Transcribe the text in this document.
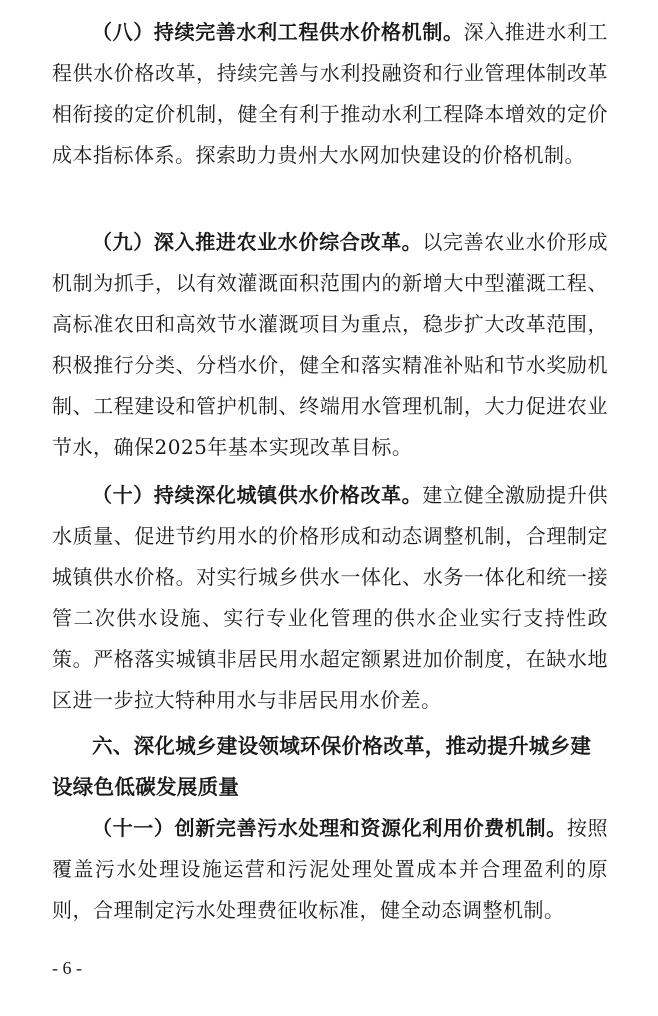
（八）持续完善水利工程供水价格机制。深入推进水利工程供水价格改革，持续完善与水利投融资和行业管理体制改革相衔接的定价机制，健全有利于推动水利工程降本增效的定价成本指标体系。探索助力贵州大水网加快建设的价格机制。

（九）深入推进农业水价综合改革。以完善农业水价形成机制为抓手，以有效灌溉面积范围内的新增大中型灌溉工程、高标准农田和高效节水灌溉项目为重点，稳步扩大改革范围，积极推行分类、分档水价，健全和落实精准补贴和节水奖励机制、工程建设和管护机制、终端用水管理机制，大力促进农业节水，确保2025年基本实现改革目标。

（十）持续深化城镇供水价格改革。建立健全激励提升供水质量、促进节约用水的价格形成和动态调整机制，合理制定城镇供水价格。对实行城乡供水一体化、水务一体化和统一接管二次供水设施、实行专业化管理的供水企业实行支持性政策。严格落实城镇非居民用水超定额累进加价制度，在缺水地区进一步拉大特种用水与非居民用水价差。

六、深化城乡建设领域环保价格改革，推动提升城乡建设绿色低碳发展质量

（十一）创新完善污水处理和资源化利用价费机制。按照覆盖污水处理设施运营和污泥处理处置成本并合理盈利的原则，合理制定污水处理费征收标准，健全动态调整机制。

- 6 -
